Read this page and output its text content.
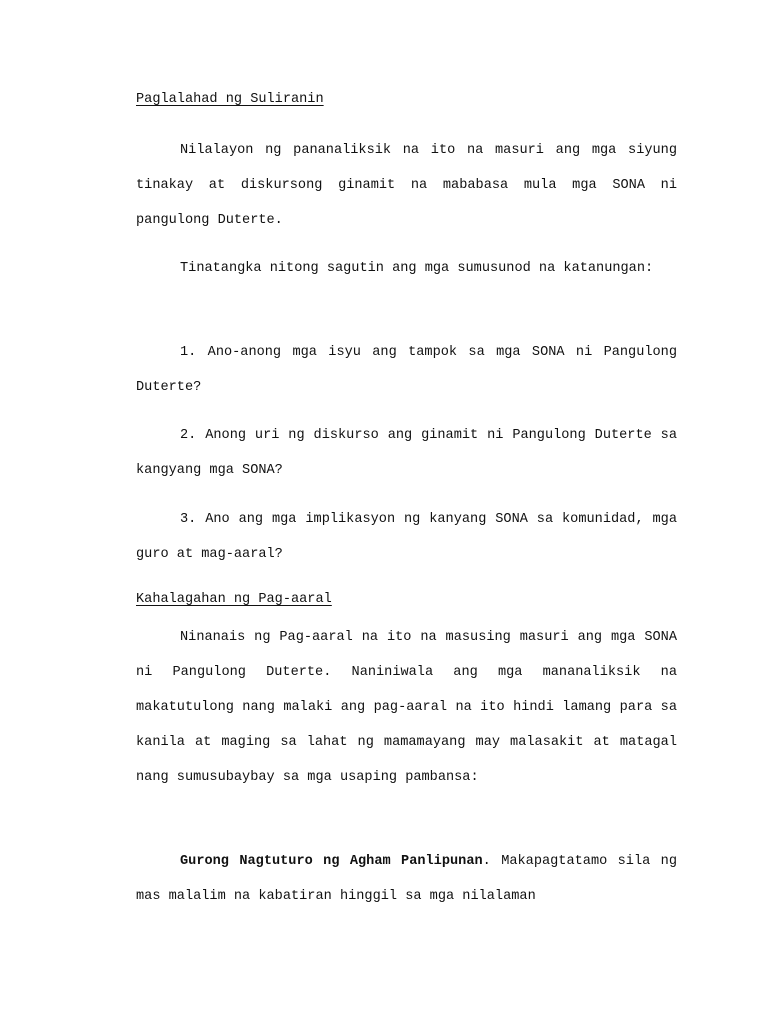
Paglalahad ng Suliranin

Nilalayon ng pananaliksik na ito na masuri ang mga siyung tinakay at diskursong ginamit na mababasa mula mga SONA ni pangulong Duterte.

Tinatangka nitong sagutin ang mga sumusunod na katanungan:

1. Ano-anong mga isyu ang tampok sa mga SONA ni Pangulong Duterte?

2. Anong uri ng diskurso ang ginamit ni Pangulong Duterte sa kangyang mga SONA?

3. Ano ang mga implikasyon ng kanyang SONA sa komunidad, mga guro at mag-aaral?

Kahalagahan ng Pag-aaral

Ninanais ng Pag-aaral na ito na masusing masuri ang mga SONA ni Pangulong Duterte. Naniniwala ang mga mananaliksik na makatutulong nang malaki ang pag-aaral na ito hindi lamang para sa kanila at maging sa lahat ng mamamayang may malasakit at matagal nang sumusubaybay sa mga usaping pambansa:

Gurong Nagtuturo ng Agham Panlipunan. Makapagtatamo sila ng mas malalim na kabatiran hinggil sa mga nilalaman
